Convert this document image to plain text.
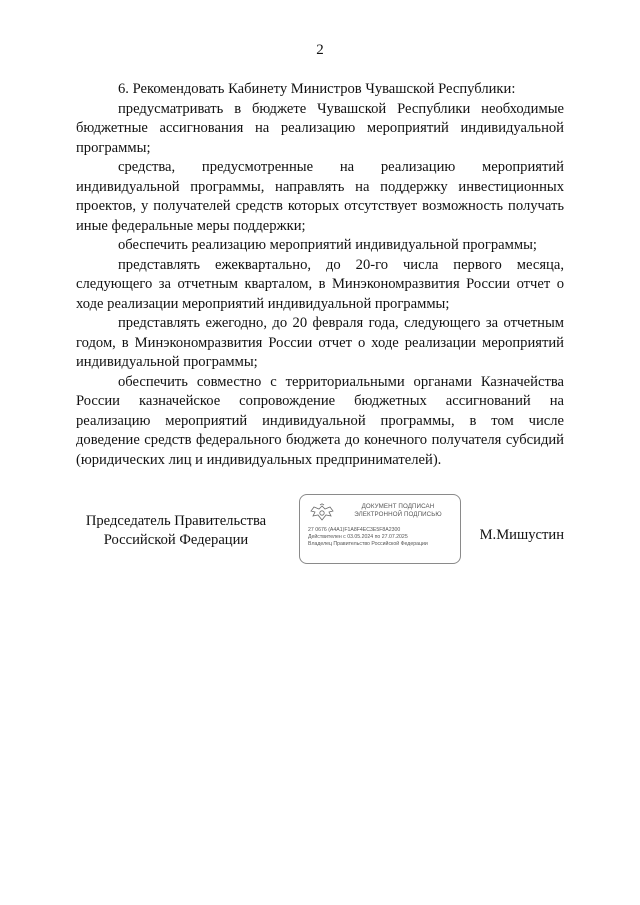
2

6. Рекомендовать Кабинету Министров Чувашской Республики:

предусматривать в бюджете Чувашской Республики необходимые бюджетные ассигнования на реализацию мероприятий индивидуальной программы;

средства, предусмотренные на реализацию мероприятий индивидуальной программы, направлять на поддержку инвестиционных проектов, у получателей средств которых отсутствует возможность получать иные федеральные меры поддержки;

обеспечить реализацию мероприятий индивидуальной программы;

представлять ежеквартально, до 20-го числа первого месяца, следующего за отчетным кварталом, в Минэкономразвития России отчет о ходе реализации мероприятий индивидуальной программы;

представлять ежегодно, до 20 февраля года, следующего за отчетным годом, в Минэкономразвития России отчет о ходе реализации мероприятий индивидуальной программы;

обеспечить совместно с территориальными органами Казначейства России казначейское сопровождение бюджетных ассигнований на реализацию мероприятий индивидуальной программы, в том числе доведение средств федерального бюджета до конечного получателя субсидий (юридических лиц и индивидуальных предпринимателей).

Председатель Правительства
Российской Федерации
ДОКУМЕНТ ПОДПИСАН ЭЛЕКТРОННОЙ ПОДПИСЬЮ
27 0676 (A4A1)F1A8F4EC3E5F8A2300
Действителен с 03.05.2024 по 27.07.2025
Владелец Правительство Российской Федерации
М.Мишустин
